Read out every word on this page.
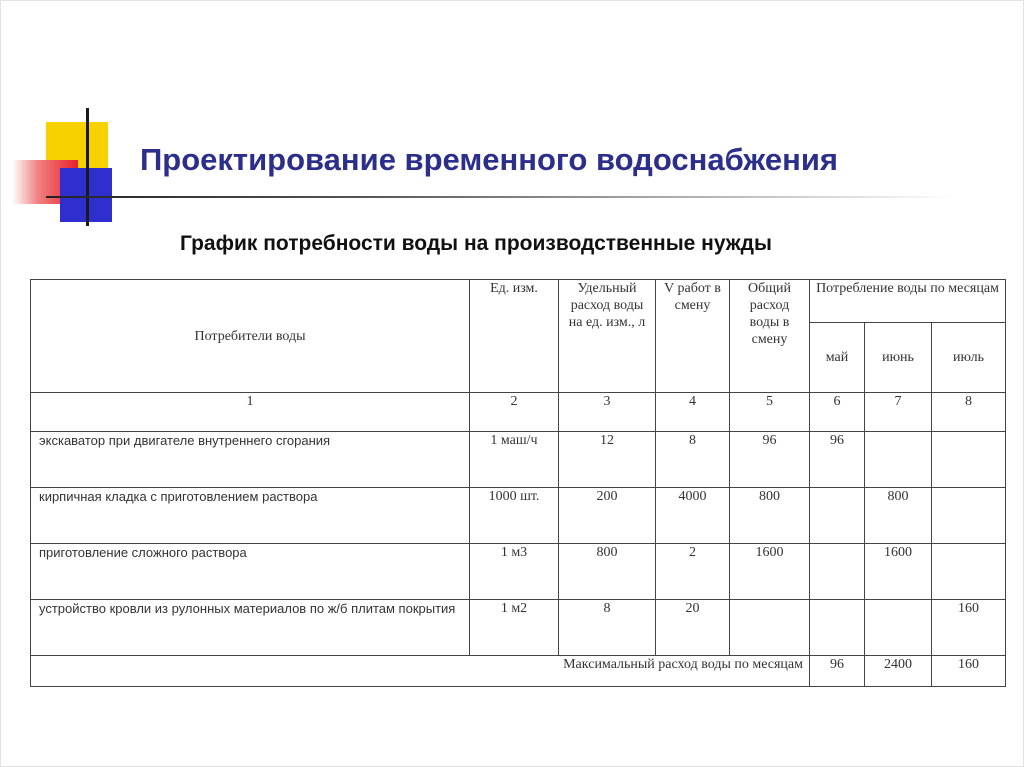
Проектирование временного водоснабжения
График потребности воды на производственные нужды
Потребители воды	Ед. изм.	Удельный расход воды на ед. изм., л	V работ в смену	Общий расход воды в смену	Потребление воды по месяцам		
					май	июнь	июль
1	2	3	4	5	6	7	8
экскаватор при двигателе внутреннего сгорания	1 маш/ч	12	8	96	96		
кирпичная кладка с приготовлением раствора	1000 шт.	200	4000	800		800	
приготовление сложного раствора	1 м3	800	2	1600		1600	
устройство кровли из рулонных материалов по ж/б плитам покрытия	1 м2	8	20				160
Максимальный расход воды по месяцам					96	2400	160
